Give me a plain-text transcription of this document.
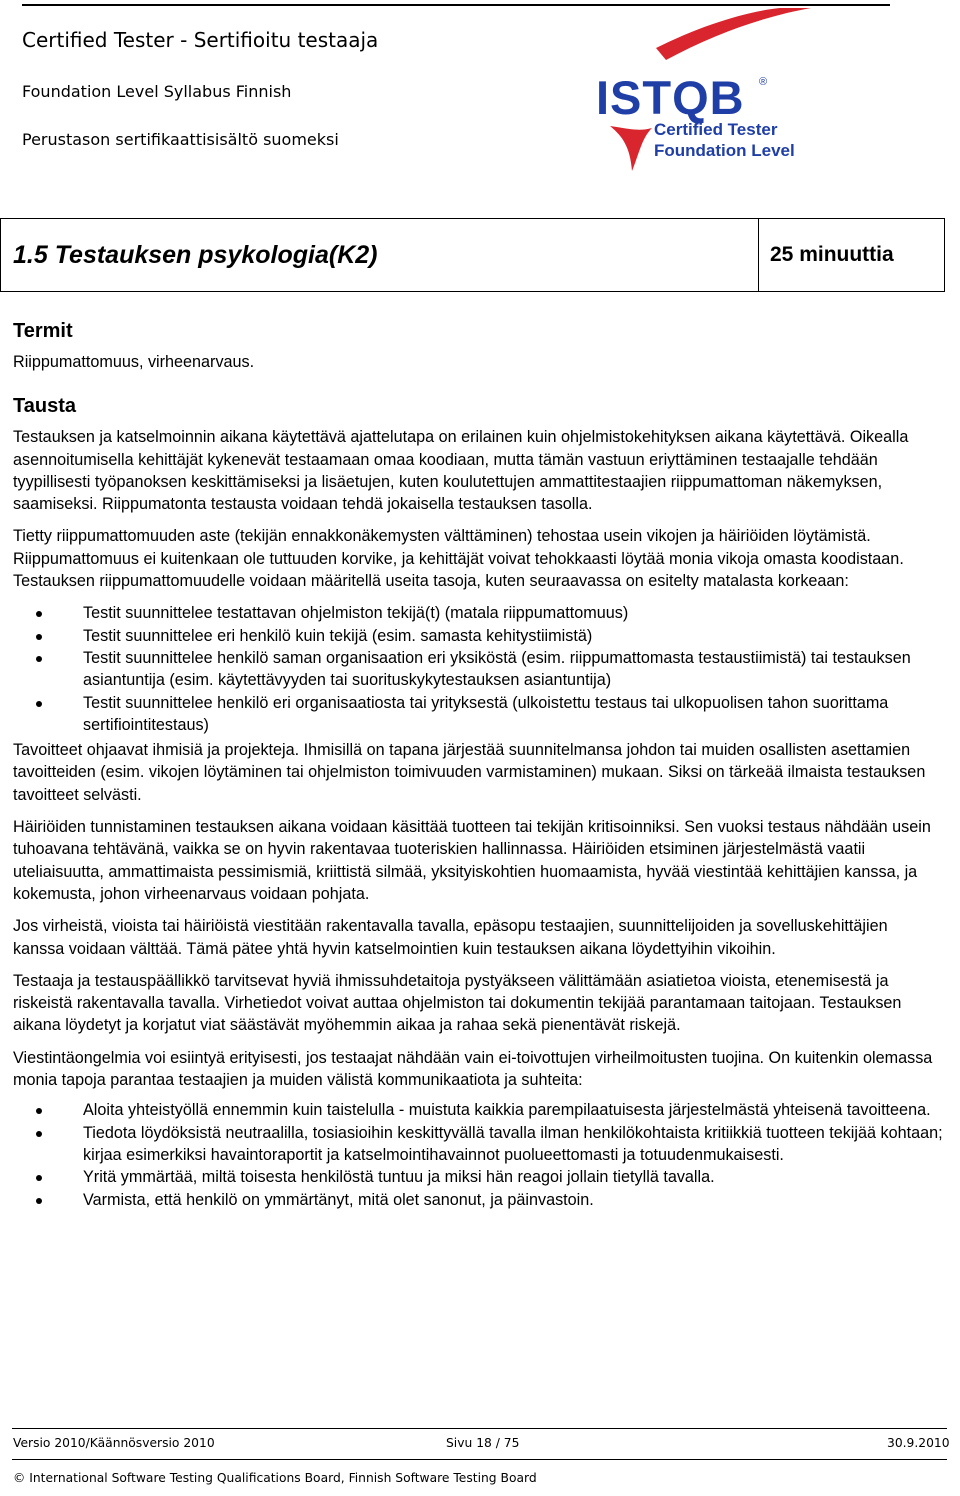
Certified Tester - Sertifioitu testaaja
Foundation Level Syllabus Finnish
Perustason sertifikaattisisältö suomeksi
ISTQB ®
Certified Tester
Foundation Level
1.5 Testauksen psykologia(K2)	25 minuuttia
Termit

Riippumattomuus, virheenarvaus.

Tausta

Testauksen ja katselmoinnin aikana käytettävä ajattelutapa on erilainen kuin ohjelmistokehityksen aikana käytettävä. Oikealla asennoitumisella kehittäjät kykenevät testaamaan omaa koodiaan, mutta tämän vastuun eriyttäminen testaajalle tehdään tyypillisesti työpanoksen keskittämiseksi ja lisäetujen, kuten koulutettujen ammattitestaajien riippumattoman näkemyksen, saamiseksi. Riippumatonta testausta voidaan tehdä jokaisella testauksen tasolla.

Tietty riippumattomuuden aste (tekijän ennakkonäkemysten välttäminen) tehostaa usein vikojen ja häiriöiden löytämistä. Riippumattomuus ei kuitenkaan ole tuttuuden korvike, ja kehittäjät voivat tehokkaasti löytää monia vikoja omasta koodistaan. Testauksen riippumattomuudelle voidaan määritellä useita tasoja, kuten seuraavassa on esitelty matalasta korkeaan:

Testit suunnittelee testattavan ohjelmiston tekijä(t) (matala riippumattomuus)
Testit suunnittelee eri henkilö kuin tekijä (esim. samasta kehitystiimistä)
Testit suunnittelee henkilö saman organisaation eri yksiköstä (esim. riippumattomasta testaustiimistä) tai testauksen asiantuntija (esim. käytettävyyden tai suorituskykytestauksen asiantuntija)
Testit suunnittelee henkilö eri organisaatiosta tai yrityksestä (ulkoistettu testaus tai ulkopuolisen tahon suorittama sertifiointitestaus)

Tavoitteet ohjaavat ihmisiä ja projekteja. Ihmisillä on tapana järjestää suunnitelmansa johdon tai muiden osallisten asettamien tavoitteiden (esim. vikojen löytäminen tai ohjelmiston toimivuuden varmistaminen) mukaan. Siksi on tärkeää ilmaista testauksen tavoitteet selvästi.

Häiriöiden tunnistaminen testauksen aikana voidaan käsittää tuotteen tai tekijän kritisoinniksi. Sen vuoksi testaus nähdään usein tuhoavana tehtävänä, vaikka se on hyvin rakentavaa tuoteriskien hallinnassa. Häiriöiden etsiminen järjestelmästä vaatii uteliaisuutta, ammattimaista pessimismiä, kriittistä silmää, yksityiskohtien huomaamista, hyvää viestintää kehittäjien kanssa, ja kokemusta, johon virheenarvaus voidaan pohjata.

Jos virheistä, vioista tai häiriöistä viestitään rakentavalla tavalla, epäsopu testaajien, suunnittelijoiden ja sovelluskehittäjien kanssa voidaan välttää. Tämä pätee yhtä hyvin katselmointien kuin testauksen aikana löydettyihin vikoihin.

Testaaja ja testauspäällikkö tarvitsevat hyviä ihmissuhdetaitoja pystyäkseen välittämään asiatietoa vioista, etenemisestä ja riskeistä rakentavalla tavalla. Virhetiedot voivat auttaa ohjelmiston tai dokumentin tekijää parantamaan taitojaan. Testauksen aikana löydetyt ja korjatut viat säästävät myöhemmin aikaa ja rahaa sekä pienentävät riskejä.

Viestintäongelmia voi esiintyä erityisesti, jos testaajat nähdään vain ei-toivottujen virheilmoitusten tuojina. On kuitenkin olemassa monia tapoja parantaa testaajien ja muiden välistä kommunikaatiota ja suhteita:

Aloita yhteistyöllä ennemmin kuin taistelulla - muistuta kaikkia parempilaatuisesta järjestelmästä yhteisenä tavoitteena.
Tiedota löydöksistä neutraalilla, tosiasioihin keskittyvällä tavalla ilman henkilökohtaista kritiikkiä tuotteen tekijää kohtaan; kirjaa esimerkiksi havaintoraportit ja katselmointihavainnot puolueettomasti ja totuudenmukaisesti.
Yritä ymmärtää, miltä toisesta henkilöstä tuntuu ja miksi hän reagoi jollain tietyllä tavalla.
Varmista, että henkilö on ymmärtänyt, mitä olet sanonut, ja päinvastoin.
Versio 2010/Käännösversio 2010	Sivu 18 / 75	30.9.2010
© International Software Testing Qualifications Board, Finnish Software Testing Board
